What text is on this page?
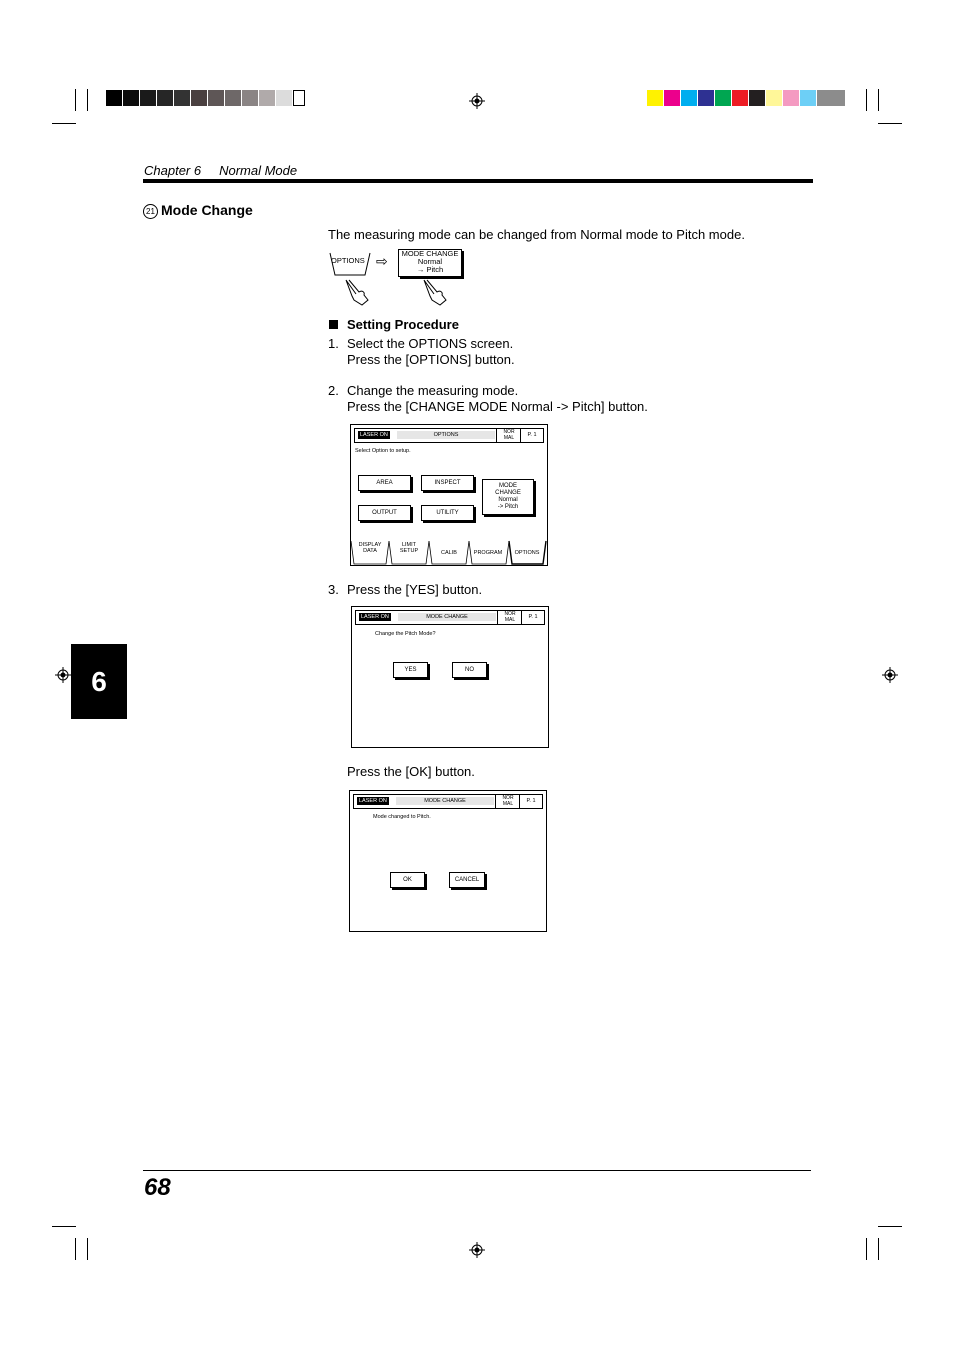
Chapter 6 Normal Mode
21 Mode Change
The measuring mode can be changed from Normal mode to Pitch mode.
OPTIONS ⇨	MODE CHANGE
Normal
→ Pitch
Setting Procedure
1. Select the OPTIONS screen.
Press the [OPTIONS] button.
2. Change the measuring mode.
Press the [CHANGE MODE Normal -> Pitch] button.
LASER ON	OPTIONS	NOR
MAL	P. 1
Select Option to setup.
AREA	INSPECT
OUTPUT	UTILITY
MODE
CHANGE
Normal
-> Pitch
DISPLAY
DATA
LIMIT
SETUP	CALIB	PROGRAM	OPTIONS
3. Press the [YES] button.
LASER ON	MODE CHANGE	NOR
MAL	P. 1
Change the Pitch Mode?
YES	NO
Press the [OK] button.
LASER ON	MODE CHANGE	NOR
MAL	P. 1
Mode changed to Pitch.
OK	CANCEL
6
68
